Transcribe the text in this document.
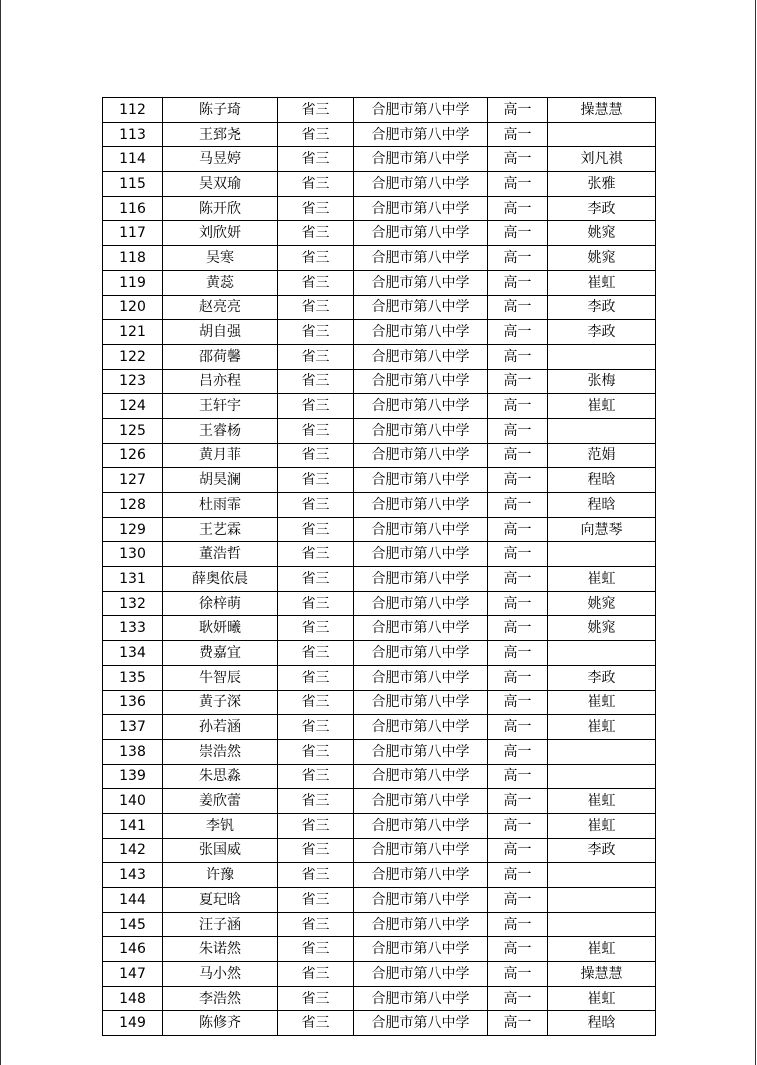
112	陈子琦	省三	合肥市第八中学	高一	操慧慧
113	王郅尧	省三	合肥市第八中学	高一	
114	马昱婷	省三	合肥市第八中学	高一	刘凡祺
115	吴双瑜	省三	合肥市第八中学	高一	张雅
116	陈开欣	省三	合肥市第八中学	高一	李政
117	刘欣妍	省三	合肥市第八中学	高一	姚窕
118	吴寒	省三	合肥市第八中学	高一	姚窕
119	黄蕊	省三	合肥市第八中学	高一	崔虹
120	赵亮亮	省三	合肥市第八中学	高一	李政
121	胡自强	省三	合肥市第八中学	高一	李政
122	邵荷馨	省三	合肥市第八中学	高一	
123	吕亦程	省三	合肥市第八中学	高一	张梅
124	王轩宇	省三	合肥市第八中学	高一	崔虹
125	王睿杨	省三	合肥市第八中学	高一	
126	黄月菲	省三	合肥市第八中学	高一	范娟
127	胡昊澜	省三	合肥市第八中学	高一	程晗
128	杜雨霏	省三	合肥市第八中学	高一	程晗
129	王艺霖	省三	合肥市第八中学	高一	向慧琴
130	董浩哲	省三	合肥市第八中学	高一	
131	薛奥依晨	省三	合肥市第八中学	高一	崔虹
132	徐梓萌	省三	合肥市第八中学	高一	姚窕
133	耿妍曦	省三	合肥市第八中学	高一	姚窕
134	费嘉宜	省三	合肥市第八中学	高一	
135	牛智辰	省三	合肥市第八中学	高一	李政
136	黄子深	省三	合肥市第八中学	高一	崔虹
137	孙若涵	省三	合肥市第八中学	高一	崔虹
138	崇浩然	省三	合肥市第八中学	高一	
139	朱思淼	省三	合肥市第八中学	高一	
140	姜欣蕾	省三	合肥市第八中学	高一	崔虹
141	李钒	省三	合肥市第八中学	高一	崔虹
142	张国威	省三	合肥市第八中学	高一	李政
143	许豫	省三	合肥市第八中学	高一	
144	夏玘晗	省三	合肥市第八中学	高一	
145	汪子涵	省三	合肥市第八中学	高一	
146	朱诺然	省三	合肥市第八中学	高一	崔虹
147	马小然	省三	合肥市第八中学	高一	操慧慧
148	李浩然	省三	合肥市第八中学	高一	崔虹
149	陈修齐	省三	合肥市第八中学	高一	程晗
